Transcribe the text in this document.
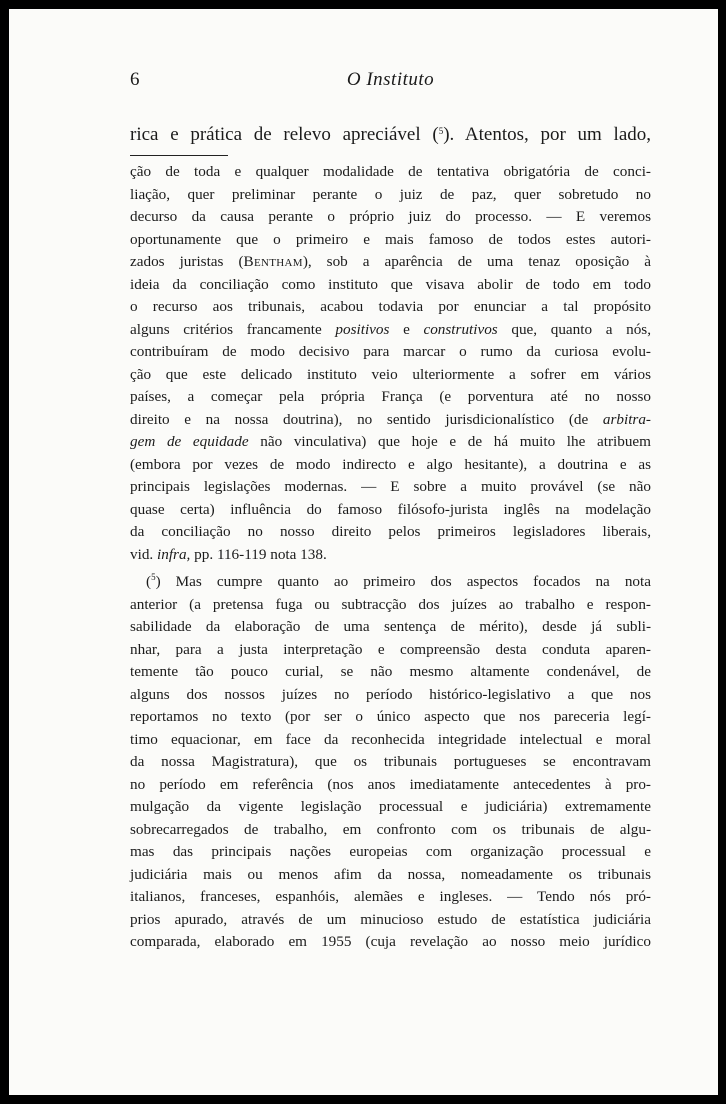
6	O Instituto
rica e prática de relevo apreciável ($^5$). Atentos, por um lado,
ção de toda e qualquer modalidade de tentativa obrigatória de conci-
liação, quer preliminar perante o juiz de paz, quer sobretudo no
decurso da causa perante o próprio juiz do processo. — E veremos
oportunamente que o primeiro e mais famoso de todos estes autori-
zados juristas (Bentham), sob a aparência de uma tenaz oposição à
ideia da conciliação como instituto que visava abolir de todo em todo
o recurso aos tribunais, acabou todavia por enunciar a tal propósito
alguns critérios francamente positivos e construtivos que, quanto a nós,
contribuíram de modo decisivo para marcar o rumo da curiosa evolu-
ção que este delicado instituto veio ulteriormente a sofrer em vários
países, a começar pela própria França (e porventura até no nosso
direito e na nossa doutrina), no sentido jurisdicionalístico (de arbitra-
gem de equidade não vinculativa) que hoje e de há muito lhe atribuem
(embora por vezes de modo indirecto e algo hesitante), a doutrina e as
principais legislações modernas. — E sobre a muito provável (se não
quase certa) influência do famoso filósofo-jurista inglês na modelação
da conciliação no nosso direito pelos primeiros legisladores liberais,
vid. infra, pp. 116-119 nota 138.
($^5$) Mas cumpre quanto ao primeiro dos aspectos focados na nota
anterior (a pretensa fuga ou subtracção dos juízes ao trabalho e respon-
sabilidade da elaboração de uma sentença de mérito), desde já subli-
nhar, para a justa interpretação e compreensão desta conduta aparen-
temente tão pouco curial, se não mesmo altamente condenável, de
alguns dos nossos juízes no período histórico-legislativo a que nos
reportamos no texto (por ser o único aspecto que nos pareceria legí-
timo equacionar, em face da reconhecida integridade intelectual e moral
da nossa Magistratura), que os tribunais portugueses se encontravam
no período em referência (nos anos imediatamente antecedentes à pro-
mulgação da vigente legislação processual e judiciária) extremamente
sobrecarregados de trabalho, em confronto com os tribunais de algu-
mas das principais nações europeias com organização processual e
judiciária mais ou menos afim da nossa, nomeadamente os tribunais
italianos, franceses, espanhóis, alemães e ingleses. — Tendo nós pró-
prios apurado, através de um minucioso estudo de estatística judiciária
comparada, elaborado em 1955 (cuja revelação ao nosso meio jurídico
